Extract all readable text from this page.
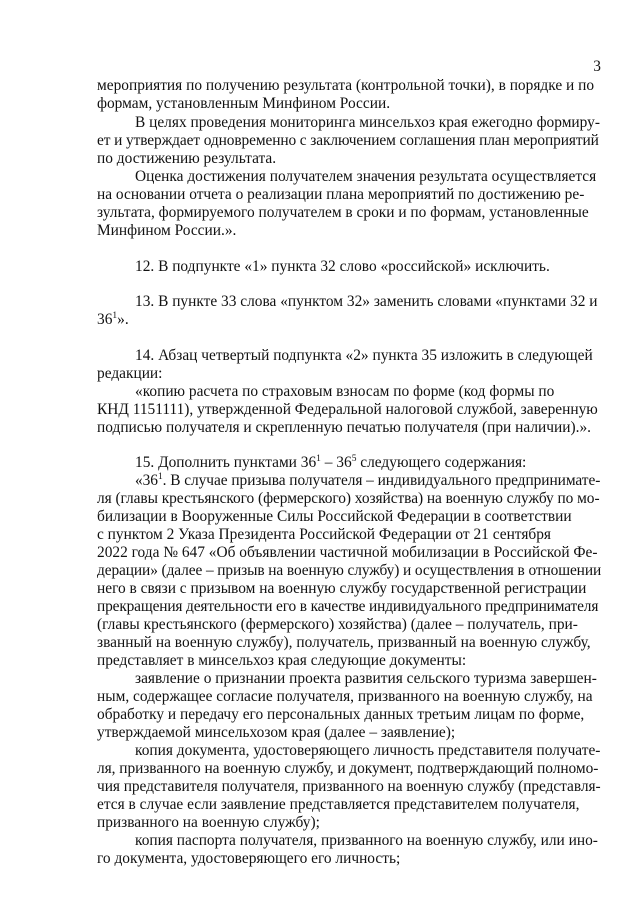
3
мероприятия по получению результата (контрольной точки), в порядке и по
формам, установленным Минфином России.
В целях проведения мониторинга минсельхоз края ежегодно формиру-
ет и утверждает одновременно с заключением соглашения план мероприятий
по достижению результата.
Оценка достижения получателем значения результата осуществляется
на основании отчета о реализации плана мероприятий по достижению ре-
зультата, формируемого получателем в сроки и по формам, установленные
Минфином России.».
12. В подпункте «1» пункта 32 слово «российской» исключить.
13. В пункте 33 слова «пунктом 32» заменить словами «пунктами 32 и
$36^1$».
14. Абзац четвертый подпункта «2» пункта 35 изложить в следующей
редакции:
«копию расчета по страховым взносам по форме (код формы по
КНД 1151111), утвержденной Федеральной налоговой службой, заверенную
подписью получателя и скрепленную печатью получателя (при наличии).».
15. Дополнить пунктами $36^1 - 36^5$ следующего содержания:
«$36^1$. В случае призыва получателя – индивидуального предпринимате-
ля (главы крестьянского (фермерского) хозяйства) на военную службу по мо-
билизации в Вооруженные Силы Российской Федерации в соответствии
с пунктом 2 Указа Президента Российской Федерации от 21 сентября
2022 года № 647 «Об объявлении частичной мобилизации в Российской Фе-
дерации» (далее – призыв на военную службу) и осуществления в отношении
него в связи с призывом на военную службу государственной регистрации
прекращения деятельности его в качестве индивидуального предпринимателя
(главы крестьянского (фермерского) хозяйства) (далее – получатель, при-
званный на военную службу), получатель, призванный на военную службу,
представляет в минсельхоз края следующие документы:
заявление о признании проекта развития сельского туризма завершен-
ным, содержащее согласие получателя, призванного на военную службу, на
обработку и передачу его персональных данных третьим лицам по форме,
утверждаемой минсельхозом края (далее – заявление);
копия документа, удостоверяющего личность представителя получате-
ля, призванного на военную службу, и документ, подтверждающий полномо-
чия представителя получателя, призванного на военную службу (представля-
ется в случае если заявление представляется представителем получателя,
призванного на военную службу);
копия паспорта получателя, призванного на военную службу, или ино-
го документа, удостоверяющего его личность;
